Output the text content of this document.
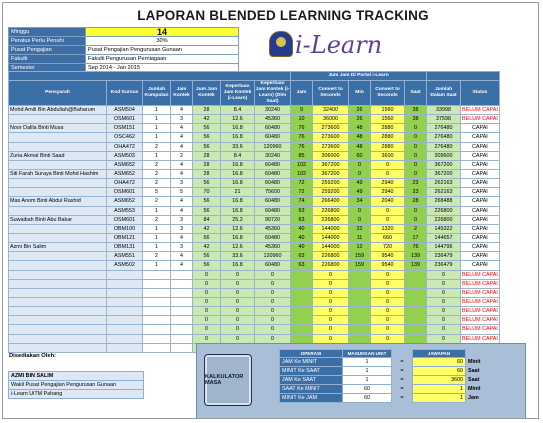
LAPORAN BLENDED LEARNING TRACKING
Minggu	14
Peratus Perlu Penuhi	30%
Pusat Pengajian	Pusat Pengajian Pengurusan Gunaan
Fakulti	Fakulti Pengurusan Perniagaan
Semester	Sep 2014 - Jan 2015
i-Learn
							Jum Jam Di Portal i-Learn						
Pensyarah	Kod Kursus	Jumlah Kumpulan	Jam Kontek	Jum Jam Kontek	Keperluan Jam Kontek (i-Learn)	Keperluan Jam Kontek (i-Learn) (Dlm Saat)	Jam	Convert to Seconds	Min	Convert to Seconds	Saat	Jumlah Dalam Saat	Status
Mohd Amili Bin Abdullah@Baharum	ASM504	1	4	28	8.4	30240	9	32400	26	1560	38	33998	BELUM CAPAI
	OSM601	1	3	42	12.6	45360	10	36000	26	1560	38	37598	BELUM CAPAI
Noor Dalila Binti Musa	OSM151	1	4	56	16.8	60480	76	273600	48	2880	0	276480	CAPAI
	OSC462	1	4	56	16.8	60480	76	273600	48	2880	0	276480	CAPAI
	OHA472	2	4	56	33.6	120960	76	273600	48	2880	0	276480	CAPAI
Zuria Akmal Binti Saad	ASM503	1	2	28	8.4	30240	85	306000	60	3600	0	309600	CAPAI
	ASM652	2	4	28	16.8	60480	102	367200	0	0	0	367200	CAPAI
Siti Farah Suraya Binti Mohd Hashim	ASM652	2	4	28	16.8	60480	102	367200	0	0	0	367200	CAPAI
	OHA472	2	3	56	16.8	60480	72	259200	49	2940	23	262163	CAPAI
	OSM601	5	5	70	21	75600	72	259200	49	2940	23	262163	CAPAI
Mas Anom Binti Abdul Rashid	ASM652	2	4	56	16.8	60480	74	266400	34	2040	28	268488	CAPAI
	ASM553	1	4	56	16.8	60480	63	226800	0	0	0	226800	CAPAI
Suwaibah Binti Abu Bakar	OSM601	2	3	84	25.2	90720	63	226800	0	0	0	226800	CAPAI
	OBM100	1	3	42	12.6	45360	40	144000	22	1320	2	145322	CAPAI
	OBM121	1	4	56	16.8	60480	40	144000	11	660	17	144657	CAPAI
Azmi Bin Salim	OBM131	1	3	42	12.6	45360	40	144000	12	720	76	144796	CAPAI
	ASM551	2	4	56	33.6	120960	63	226800	159	9540	139	236479	CAPAI
	ASM502	1	4	56	16.8	60480	63	226800	159	9540	139	236479	CAPAI
				0	0	0		0		0		0	BELUM CAPAI
				0	0	0		0		0		0	BELUM CAPAI
				0	0	0		0		0		0	BELUM CAPAI
				0	0	0		0		0		0	BELUM CAPAI
				0	0	0		0		0		0	BELUM CAPAI
				0	0	0		0		0		0	BELUM CAPAI
				0	0	0		0		0		0	BELUM CAPAI
				0	0	0		0		0		0	BELUM CAPAI

Disediakan Oleh:
AZMI BIN SALIM
Wakil Pusat Pengajian Pengurusan Gunaan
i-Learn UiTM Pahang
KALKULATOR MASA
OPERASI	MASUKKAN UNIT		JAWAPAN	
JAM Ke MINIT	1	=	60	Minit
MINIT Ke SAAT	1	=	60	Saat
JAM Ke SAAT	1	=	3600	Saat
SAAT Ke MINIT	60	=	1	Minit
MINIT Ke JAM	60	=	1	Jam
